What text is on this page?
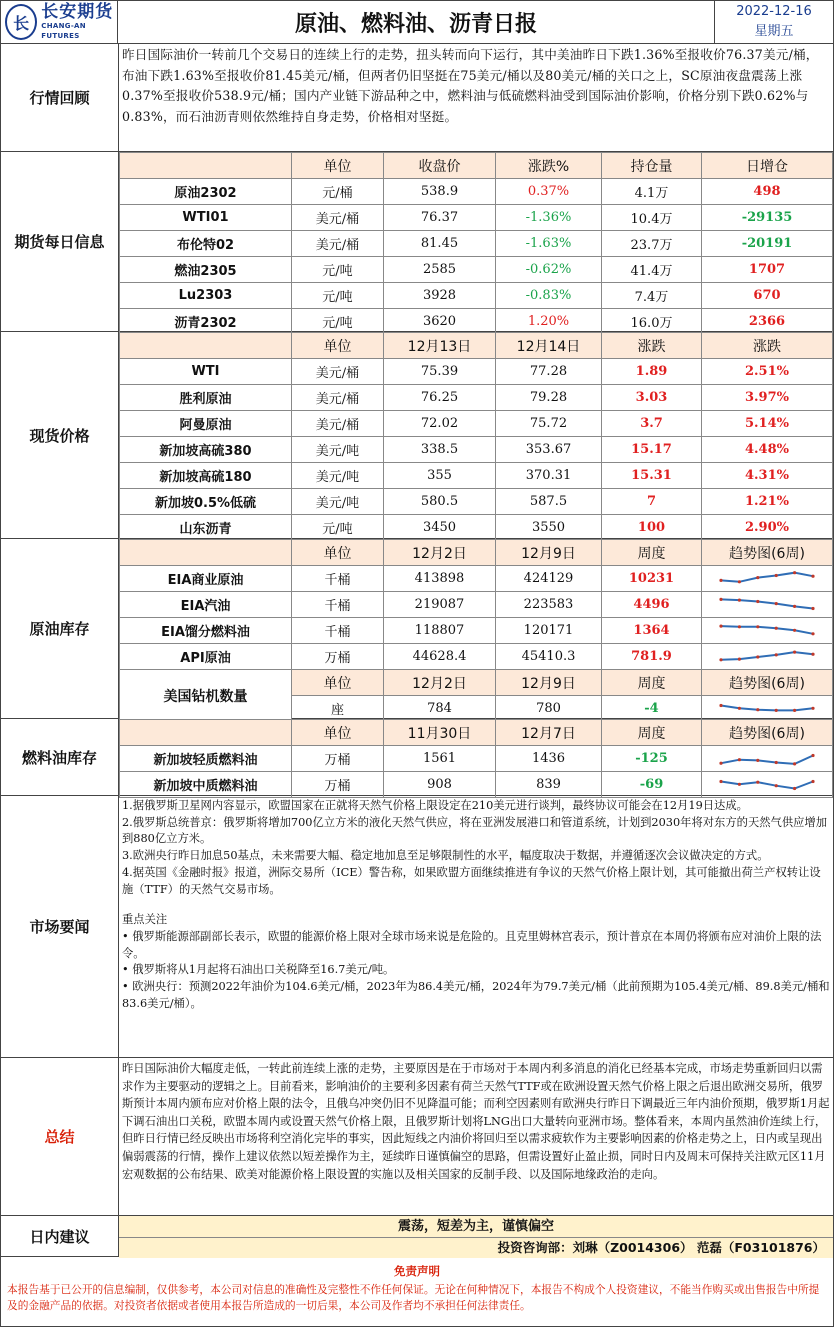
长
长安期货
CHANG-AN FUTURES	原油、燃料油、沥青日报	2022-12-16
星期五
行情回顾
昨日国际油价一转前几个交易日的连续上行的走势，扭头转而向下运行，其中美油昨日下跌1.36%至报收价76.37美元/桶，布油下跌1.63%至报收价81.45美元/桶，但两者仍旧坚挺在75美元/桶以及80美元/桶的关口之上，SC原油夜盘震荡上涨0.37%至报收价538.9元/桶；国内产业链下游品种之中，燃料油与低硫燃料油受到国际油价影响，价格分别下跌0.62%与0.83%，而石油沥青则依然维持自身走势，价格相对坚挺。
期货每日信息
	单位	收盘价	涨跌%	持仓量	日增仓
原油2302	元/桶	538.9	0.37%	4.1万	498
WTI01	美元/桶	76.37	-1.36%	10.4万	-29135
布伦特02	美元/桶	81.45	-1.63%	23.7万	-20191
燃油2305	元/吨	2585	-0.62%	41.4万	1707
Lu2303	元/吨	3928	-0.83%	7.4万	670
沥青2302	元/吨	3620	1.20%	16.0万	2366
现货价格
	单位	12月13日	12月14日	涨跌	涨跌
WTI	美元/桶	75.39	77.28	1.89	2.51%
胜利原油	美元/桶	76.25	79.28	3.03	3.97%
阿曼原油	美元/桶	72.02	75.72	3.7	5.14%
新加坡高硫380	美元/吨	338.5	353.67	15.17	4.48%
新加坡高硫180	美元/吨	355	370.31	15.31	4.31%
新加坡0.5%低硫	美元/吨	580.5	587.5	7	1.21%
山东沥青	元/吨	3450	3550	100	2.90%
原油库存
	单位	12月2日	12月9日	周度	趋势图(6周)
EIA商业原油	千桶	413898	424129	10231	

EIA汽油	千桶	219087	223583	4496	

EIA馏分燃料油	千桶	118807	120171	1364	

API原油	万桶	44628.4	45410.3	781.9	

美国钻机数量	单位	12月2日	12月9日	周度	趋势图(6周)
	座	784	780	-4	
燃料油库存
	单位	11月30日	12月7日	周度	趋势图(6周)
新加坡轻质燃料油	万桶	1561	1436	-125	

新加坡中质燃料油	万桶	908	839	-69	
市场要闻
1.据俄罗斯卫星网内容显示，欧盟国家在正就将天然气价格上限设定在210美元进行谈判，最终协议可能会在12月19日达成。
2.俄罗斯总统普京：俄罗斯将增加700亿立方米的液化天然气供应，将在亚洲发展港口和管道系统，计划到2030年将对东方的天然气供应增加到880亿立方米。
3.欧洲央行昨日加息50基点，未来需要大幅、稳定地加息至足够限制性的水平，幅度取决于数据，并遵循逐次会议做决定的方式。
4.据英国《金融时报》报道，洲际交易所（ICE）警告称，如果欧盟方面继续推进有争议的天然气价格上限计划，其可能撤出荷兰产权转让设施（TTF）的天然气交易市场。
重点关注
• 俄罗斯能源部副部长表示，欧盟的能源价格上限对全球市场来说是危险的。且克里姆林宫表示，预计普京在本周仍将颁布应对油价上限的法令。
• 俄罗斯将从1月起将石油出口关税降至16.7美元/吨。
• 欧洲央行：预测2022年油价为104.6美元/桶，2023年为86.4美元/桶，2024年为79.7美元/桶（此前预期为105.4美元/桶、89.8美元/桶和83.6美元/桶）。
总结
昨日国际油价大幅度走低，一转此前连续上涨的走势，主要原因是在于市场对于本周内利多消息的消化已经基本完成，市场走势重新回归以需求作为主要驱动的逻辑之上。目前看来，影响油价的主要利多因素有荷兰天然气TTF或在欧洲设置天然气价格上限之后退出欧洲交易所，俄罗斯预计本周内颁布应对价格上限的法令，且俄乌冲突仍旧不见降温可能；而利空因素则有欧洲央行昨日下调最近三年内油价预期，俄罗斯1月起下调石油出口关税，欧盟本周内或设置天然气价格上限，且俄罗斯计划将LNG出口大量转向亚洲市场。整体看来，本周内虽然油价连续上行，但昨日行情已经反映出市场将利空消化完毕的事实，因此短线之内油价将回归至以需求疲软作为主要影响因素的价格走势之上，日内或呈现出偏弱震荡的行情，操作上建议依然以短差操作为主，延续昨日谨慎偏空的思路，但需设置好止盈止损，同时日内及周末可保持关注欧元区11月宏观数据的公布结果、欧美对能源价格上限设置的实施以及相关国家的反制手段、以及国际地缘政治的走向。
日内建议
震荡，短差为主，谨慎偏空
投资咨询部：刘琳（Z0014306） 范磊（F03101876）
免责声明
本报告基于已公开的信息编制，仅供参考，本公司对信息的准确性及完整性不作任何保证。无论在何种情况下，本报告不构成个人投资建议，不能当作购买或出售报告中所提及的金融产品的依据。对投资者依据或者使用本报告所造成的一切后果，本公司及作者均不承担任何法律责任。
